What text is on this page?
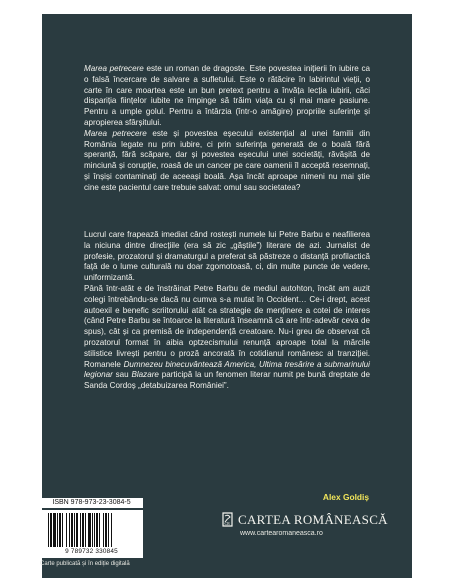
Marea petrecere este un roman de dragoste. Este povestea inițierii în iubire ca o falsă încercare de salvare a sufletului. Este o rătăcire în labirintul vieții, o carte în care moartea este un bun pretext pentru a învăța lecția iubirii, căci dispariția ființelor iubite ne împinge să trăim viața cu și mai mare pasiune. Pentru a umple golul. Pentru a întârzia (într-o amăgire) propriile suferințe și apropierea sfârșitului.

Marea petrecere este și povestea eșecului existențial al unei familii din România legate nu prin iubire, ci prin suferința generată de o boală fără speranță, fără scăpare, dar și povestea eșecului unei societăți, răvășită de minciună și corupție, roasă de un cancer pe care oamenii îl acceptă resemnați, și înșiși contaminați de aceeași boală. Așa încât aproape nimeni nu mai știe cine este pacientul care trebuie salvat: omul sau societatea?

Lucrul care frapează imediat când rostești numele lui Petre Barbu e neafilierea la niciuna dintre direcțiile (era să zic „găștile”) literare de azi. Jurnalist de profesie, prozatorul și dramaturgul a preferat să păstreze o distanță profilactică față de o lume culturală nu doar zgomotoasă, ci, din multe puncte de vedere, uniformizantă.

Până într-atât e de înstrăinat Petre Barbu de mediul autohton, încât am auzit colegi întrebându-se dacă nu cumva s-a mutat în Occident… Ce-i drept, acest autoexil e benefic scriitorului atât ca strategie de menținere a cotei de interes (când Petre Barbu se întoarce la literatură înseamnă că are într-adevăr ceva de spus), cât și ca premisă de independență creatoare. Nu-i greu de observat că prozatorul format în aibia optzecismului renunță aproape total la mărcile stilistice livrești pentru o proză ancorată în cotidianul românesc al tranziției. Romanele Dumnezeu binecuvântează America, Ultima tresărire a submarinului legionar sau Blazare participă la un fenomen literar numit pe bună dreptate de Sanda Cordoș „detabuizarea României”.

Alex Goldiș
ISBN 978-973-23-3084-5
9 789732 330845
Carte publicată și în ediție digitală
CR CARTEA ROMÂNEASCĂ
www.cartearomaneasca.ro
